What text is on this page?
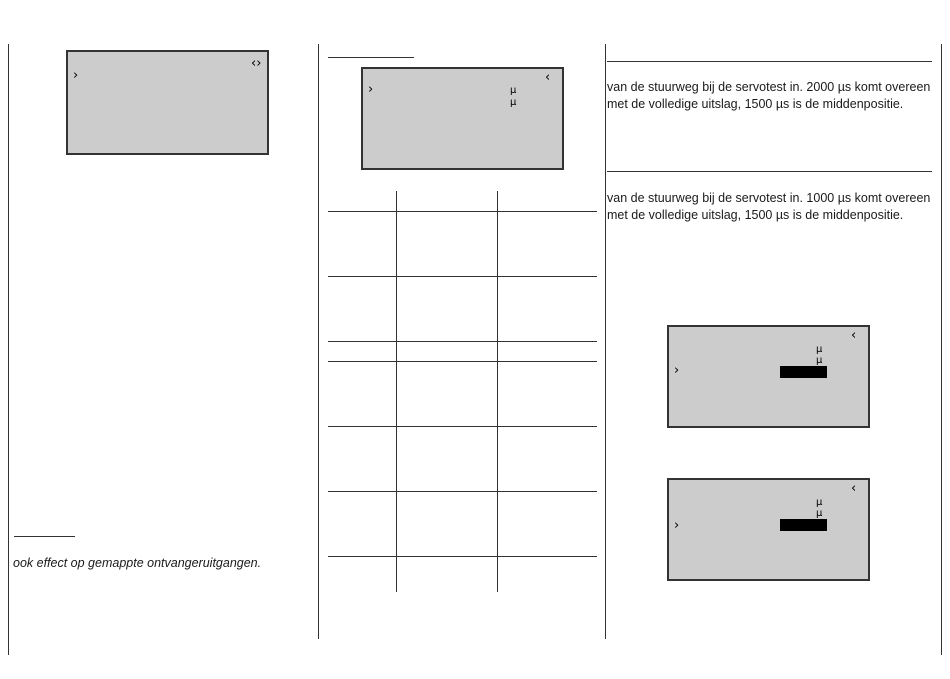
›
‹›

ook effect op gemappte ontvangeruitgangen.

›
‹
µ
µ

van de stuurweg bij de servotest in. 2000 µs komt overeen

met de volledige uitslag, 1500 µs is de middenpositie.

van de stuurweg bij de servotest in. 1000 µs komt overeen

met de volledige uitslag, 1500 µs is de middenpositie.

‹
µ
µ
›
‹
µ
µ
›
